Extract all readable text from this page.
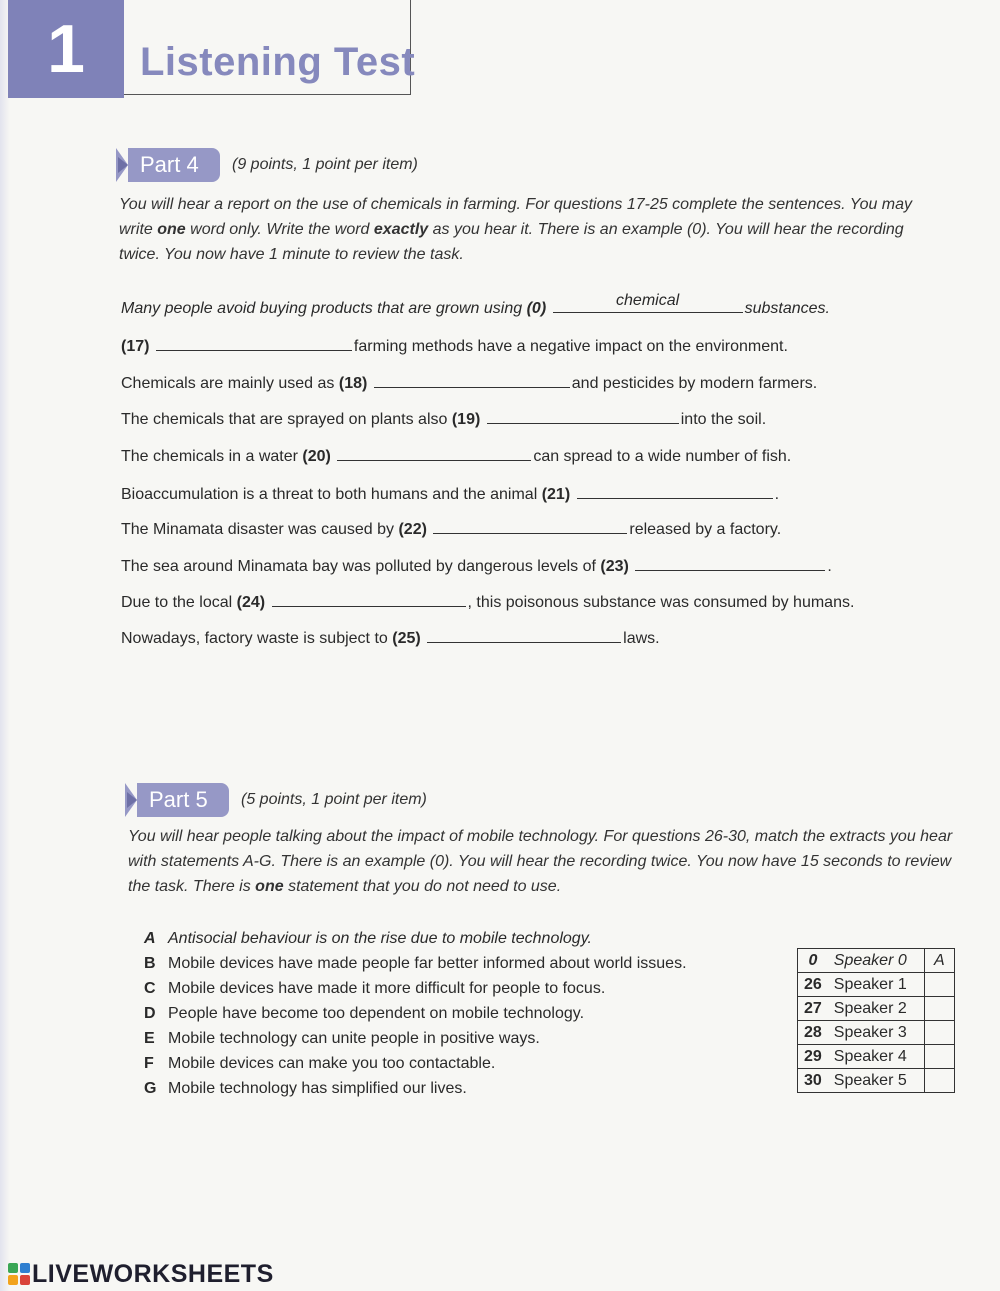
1	Listening Test
Part 4 (9 points, 1 point per item)
You will hear a report on the use of chemicals in farming. For questions 17-25 complete the sentences. You may write one word only. Write the word exactly as you hear it. There is an example (0). You will hear the recording twice. You now have 1 minute to review the task.
Many people avoid buying products that are grown using (0)	chemical	substances.
(17)	farming methods have a negative impact on the environment.
Chemicals are mainly used as (18)	and pesticides by modern farmers.
The chemicals that are sprayed on plants also (19)	into the soil.
The chemicals in a water (20)	can spread to a wide number of fish.
Bioaccumulation is a threat to both humans and the animal (21)	.
The Minamata disaster was caused by (22)	released by a factory.
The sea around Minamata bay was polluted by dangerous levels of (23)	.
Due to the local (24)	, this poisonous substance was consumed by humans.
Nowadays, factory waste is subject to (25)	laws.
Part 5 (5 points, 1 point per item)
You will hear people talking about the impact of mobile technology. For questions 26-30, match the extracts you hear with statements A-G. There is an example (0). You will hear the recording twice. You now have 15 seconds to review the task. There is one statement that you do not need to use.
A Antisocial behaviour is on the rise due to mobile technology.
B Mobile devices have made people far better informed about world issues.
C Mobile devices have made it more difficult for people to focus.
D People have become too dependent on mobile technology.
E Mobile technology can unite people in positive ways.
F Mobile devices can make you too contactable.
G Mobile technology has simplified our lives.
0	Speaker 0	A
26	Speaker 1	
27	Speaker 2	
28	Speaker 3	
29	Speaker 4	
30	Speaker 5	
LIVEWORKSHEETS
